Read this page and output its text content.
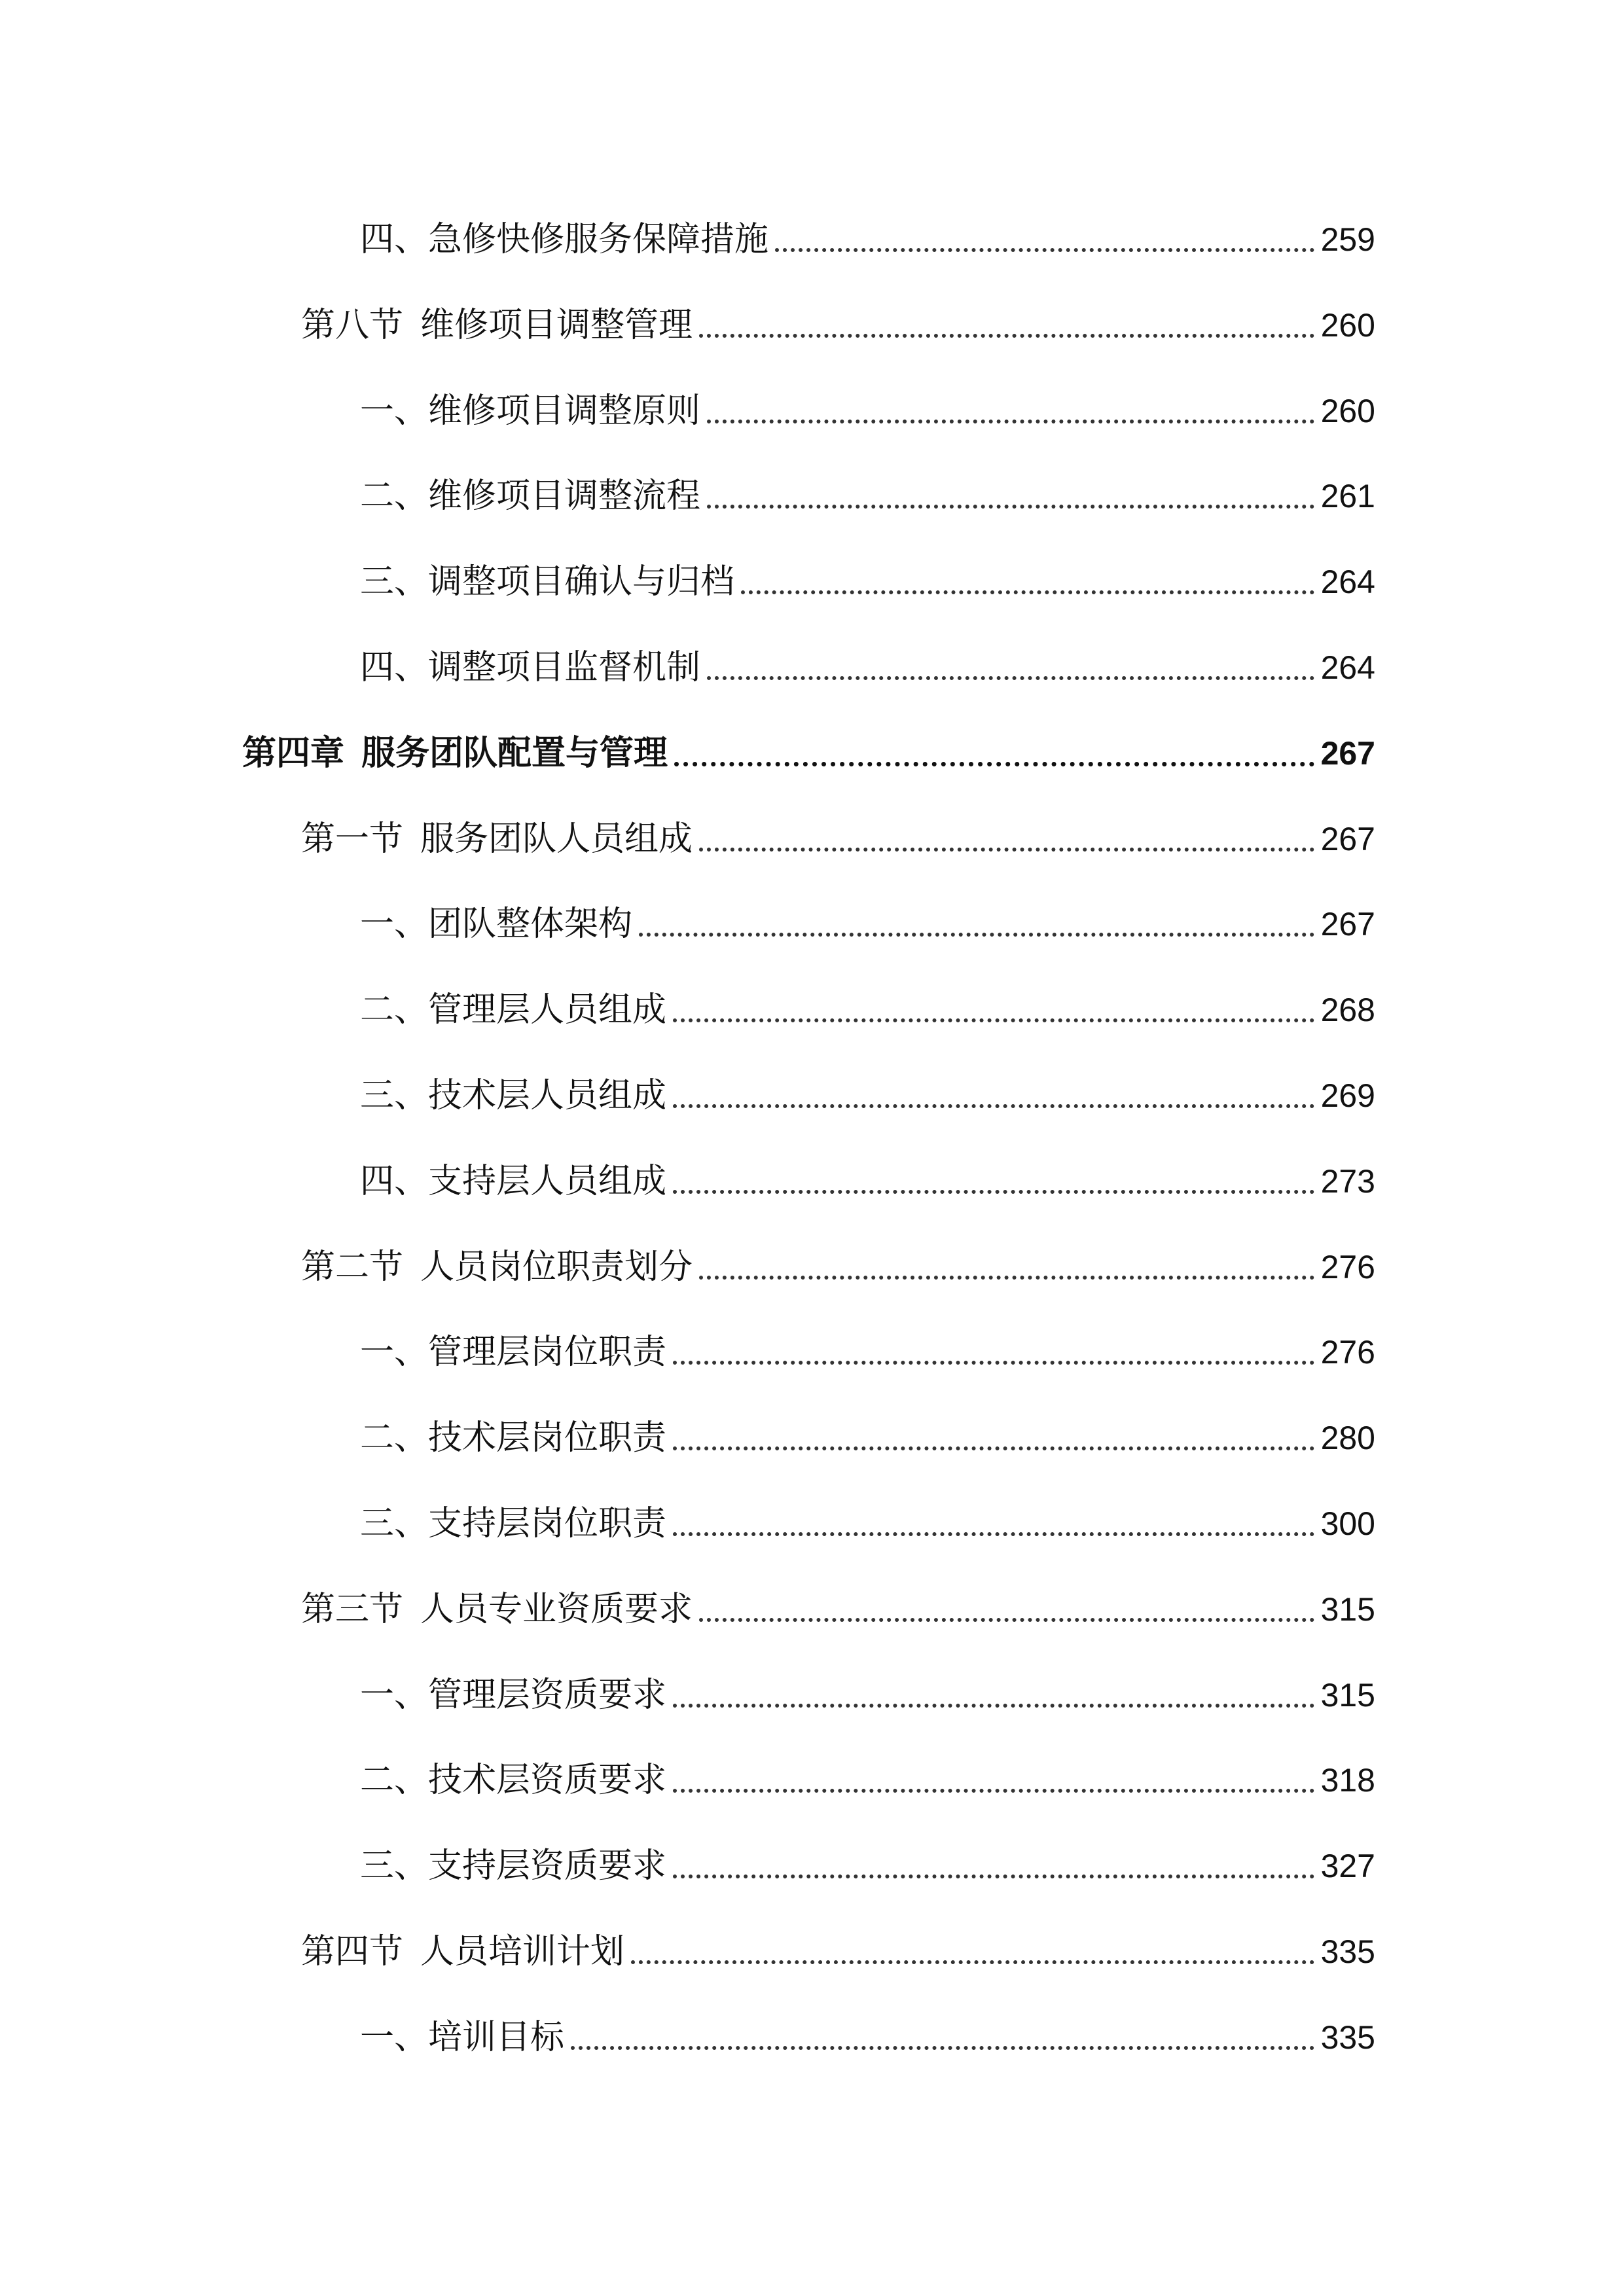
四、急修快修服务保障措施	259
第八节 维修项目调整管理	260
一、维修项目调整原则	260
二、维修项目调整流程	261
三、调整项目确认与归档	264
四、调整项目监督机制	264
第四章 服务团队配置与管理	267
第一节 服务团队人员组成	267
一、团队整体架构	267
二、管理层人员组成	268
三、技术层人员组成	269
四、支持层人员组成	273
第二节 人员岗位职责划分	276
一、管理层岗位职责	276
二、技术层岗位职责	280
三、支持层岗位职责	300
第三节 人员专业资质要求	315
一、管理层资质要求	315
二、技术层资质要求	318
三、支持层资质要求	327
第四节 人员培训计划	335
一、培训目标	335
